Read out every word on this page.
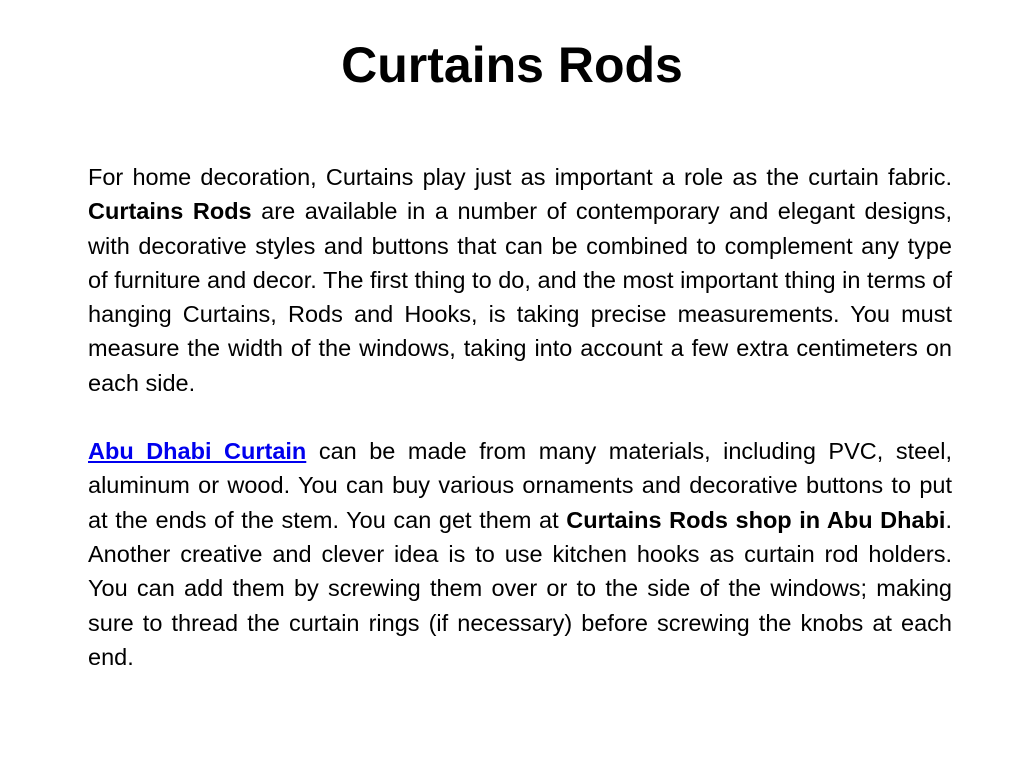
Curtains Rods

For home decoration, Curtains play just as important a role as the curtain fabric. Curtains Rods are available in a number of contemporary and elegant designs, with decorative styles and buttons that can be combined to complement any type of furniture and decor. The first thing to do, and the most important thing in terms of hanging Curtains, Rods and Hooks, is taking precise measurements. You must measure the width of the windows, taking into account a few extra centimeters on each side.

Abu Dhabi Curtain can be made from many materials, including PVC, steel, aluminum or wood. You can buy various ornaments and decorative buttons to put at the ends of the stem. You can get them at Curtains Rods shop in Abu Dhabi. Another creative and clever idea is to use kitchen hooks as curtain rod holders. You can add them by screwing them over or to the side of the windows; making sure to thread the curtain rings (if necessary) before screwing the knobs at each end.
